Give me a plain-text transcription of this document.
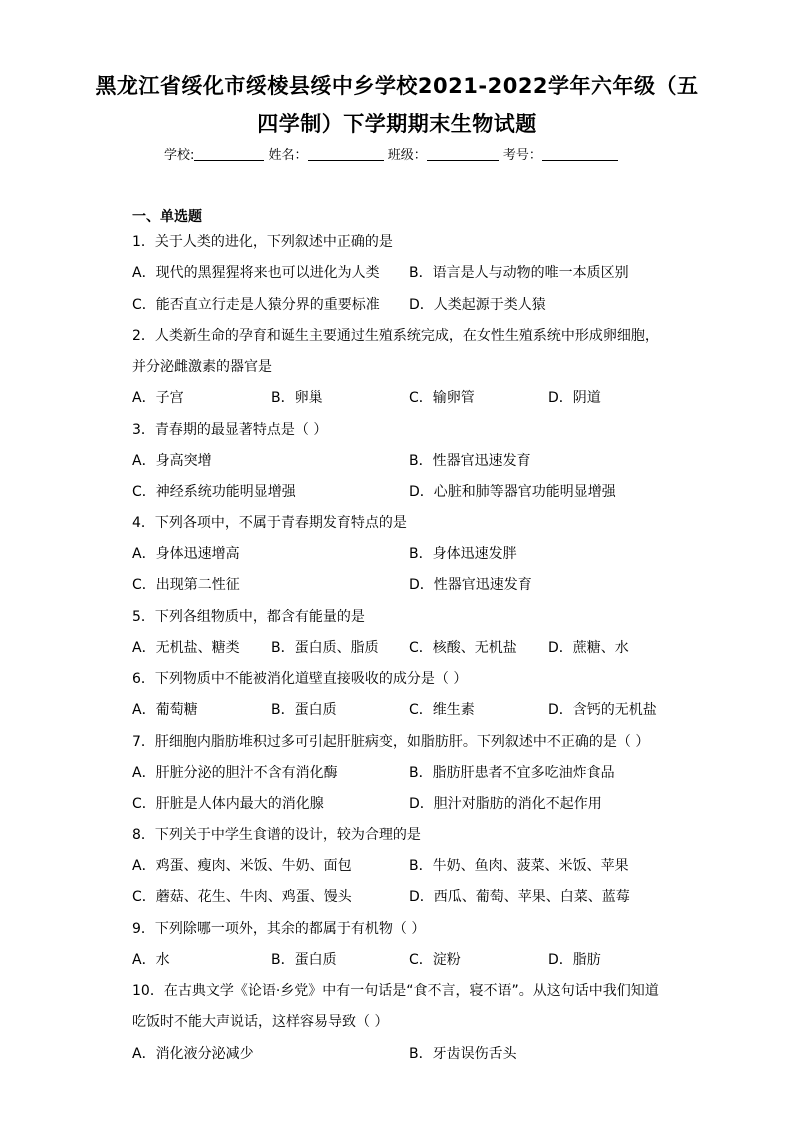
黑龙江省绥化市绥棱县绥中乡学校2021-2022学年六年级（五
四学制）下学期期末生物试题
学校:	姓名：	班级：	考号：
一、单选题
1．关于人类的进化，下列叙述中正确的是
A．现代的黑猩猩将来也可以进化为人类 B．语言是人与动物的唯一本质区别
C．能否直立行走是人猿分界的重要标准 D．人类起源于类人猿
2．人类新生命的孕育和诞生主要通过生殖系统完成，在女性生殖系统中形成卵细胞，
并分泌雌激素的器官是
A．子宫	B．卵巢	C．输卵管	D．阴道
3．青春期的最显著特点是（ ）
A．身高突增	B．性器官迅速发育
C．神经系统功能明显增强	D．心脏和肺等器官功能明显增强
4．下列各项中，不属于青春期发育特点的是
A．身体迅速增高	B．身体迅速发胖
C．出现第二性征	D．性器官迅速发育
5．下列各组物质中，都含有能量的是
A．无机盐、糖类 B．蛋白质、脂质 C．核酸、无机盐 D．蔗糖、水
6．下列物质中不能被消化道壁直接吸收的成分是（ ）
A．葡萄糖	B．蛋白质	C．维生素	D．含钙的无机盐
7．肝细胞内脂肪堆积过多可引起肝脏病变，如脂肪肝。下列叙述中不正确的是（ ）
A．肝脏分泌的胆汁不含有消化酶	B．脂肪肝患者不宜多吃油炸食品
C．肝脏是人体内最大的消化腺	D．胆汁对脂肪的消化不起作用
8．下列关于中学生食谱的设计，较为合理的是
A．鸡蛋、瘦肉、米饭、牛奶、面包	B．牛奶、鱼肉、菠菜、米饭、苹果
C．蘑菇、花生、牛肉、鸡蛋、馒头	D．西瓜、葡萄、苹果、白菜、蓝莓
9．下列除哪一项外，其余的都属于有机物（ ）
A．水	B．蛋白质	C．淀粉	D．脂肪
10．在古典文学《论语·乡党》中有一句话是“食不言，寝不语”。从这句话中我们知道
吃饭时不能大声说话，这样容易导致（ ）
A．消化液分泌减少	B．牙齿误伤舌头
